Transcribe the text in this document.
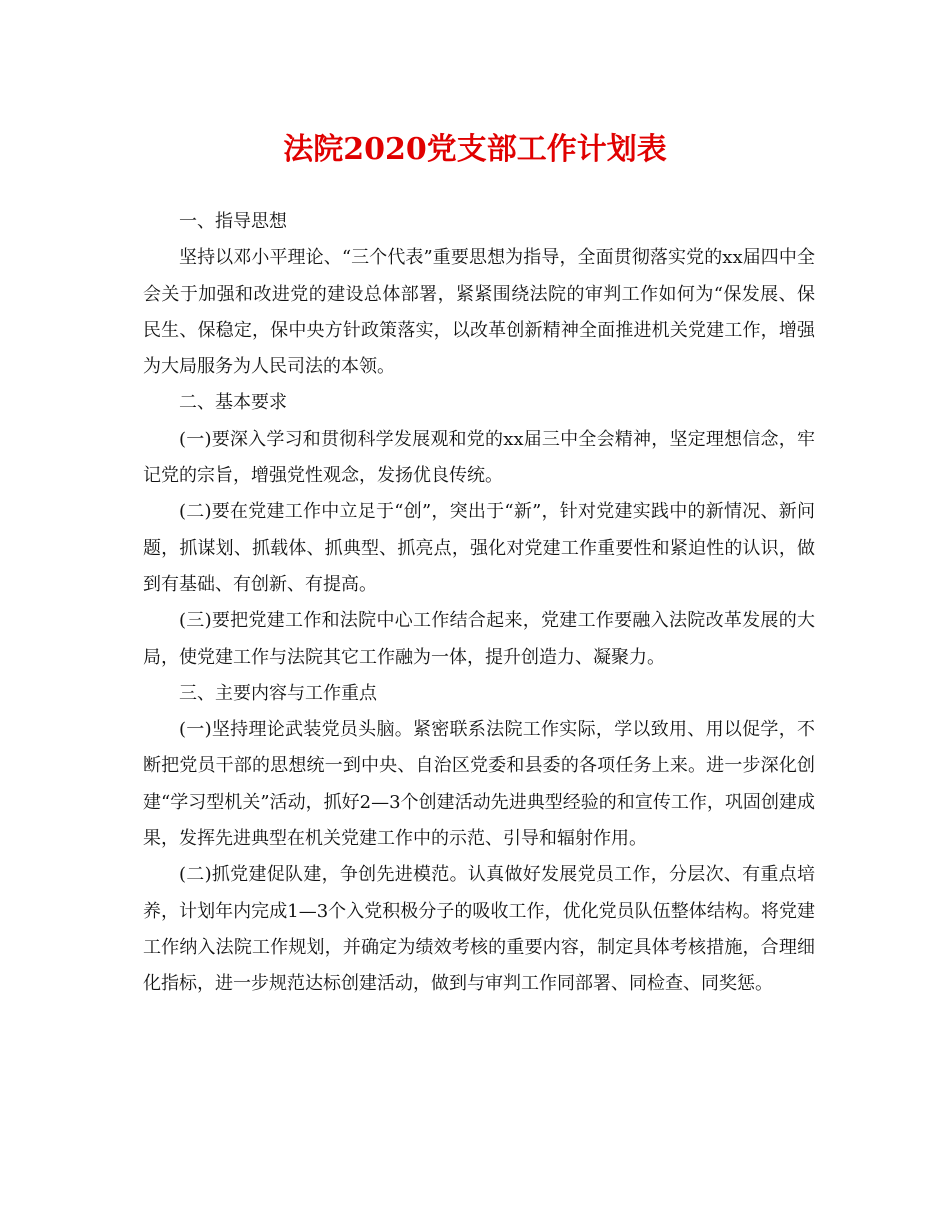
法院2020党支部工作计划表

一、指导思想

坚持以邓小平理论、“三个代表”重要思想为指导，全面贯彻落实党的xx届四中全会关于加强和改进党的建设总体部署，紧紧围绕法院的审判工作如何为“保发展、保民生、保稳定，保中央方针政策落实，以改革创新精神全面推进机关党建工作，增强为大局服务为人民司法的本领。

二、基本要求

(一)要深入学习和贯彻科学发展观和党的xx届三中全会精神，坚定理想信念，牢记党的宗旨，增强党性观念，发扬优良传统。

(二)要在党建工作中立足于“创”，突出于“新”，针对党建实践中的新情况、新问题，抓谋划、抓载体、抓典型、抓亮点，强化对党建工作重要性和紧迫性的认识，做到有基础、有创新、有提高。

(三)要把党建工作和法院中心工作结合起来，党建工作要融入法院改革发展的大局，使党建工作与法院其它工作融为一体，提升创造力、凝聚力。

三、主要内容与工作重点

(一)坚持理论武装党员头脑。紧密联系法院工作实际，学以致用、用以促学，不断把党员干部的思想统一到中央、自治区党委和县委的各项任务上来。进一步深化创建“学习型机关”活动，抓好2—3个创建活动先进典型经验的和宣传工作，巩固创建成果，发挥先进典型在机关党建工作中的示范、引导和辐射作用。

(二)抓党建促队建，争创先进模范。认真做好发展党员工作，分层次、有重点培养，计划年内完成1—3个入党积极分子的吸收工作，优化党员队伍整体结构。将党建工作纳入法院工作规划，并确定为绩效考核的重要内容，制定具体考核措施，合理细化指标，进一步规范达标创建活动，做到与审判工作同部署、同检查、同奖惩。
